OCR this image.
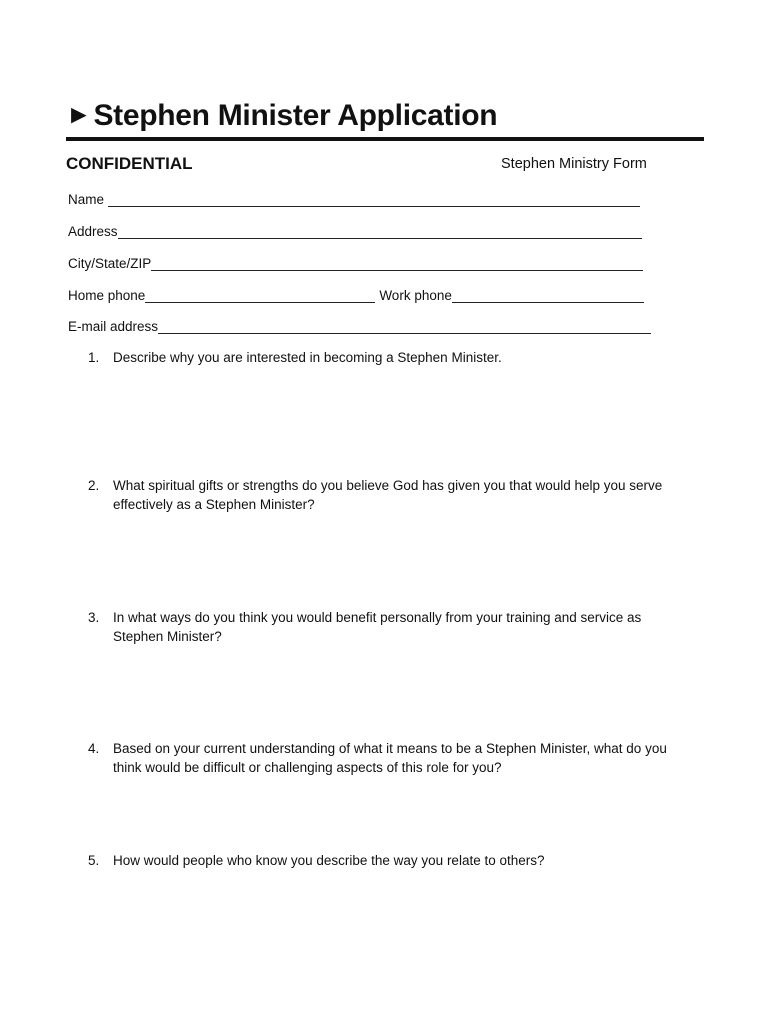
►Stephen Minister Application
CONFIDENTIAL	Stephen Ministry Form
Name
Address
City/State/ZIP
Home phone	Work phone
E-mail address
1.	Describe why you are interested in becoming a Stephen Minister.
2.	What spiritual gifts or strengths do you believe God has given you that would help you serve effectively as a Stephen Minister?
3.	In what ways do you think you would benefit personally from your training and service as Stephen Minister?
4.	Based on your current understanding of what it means to be a Stephen Minister, what do you think would be difficult or challenging aspects of this role for you?
5.	How would people who know you describe the way you relate to others?
